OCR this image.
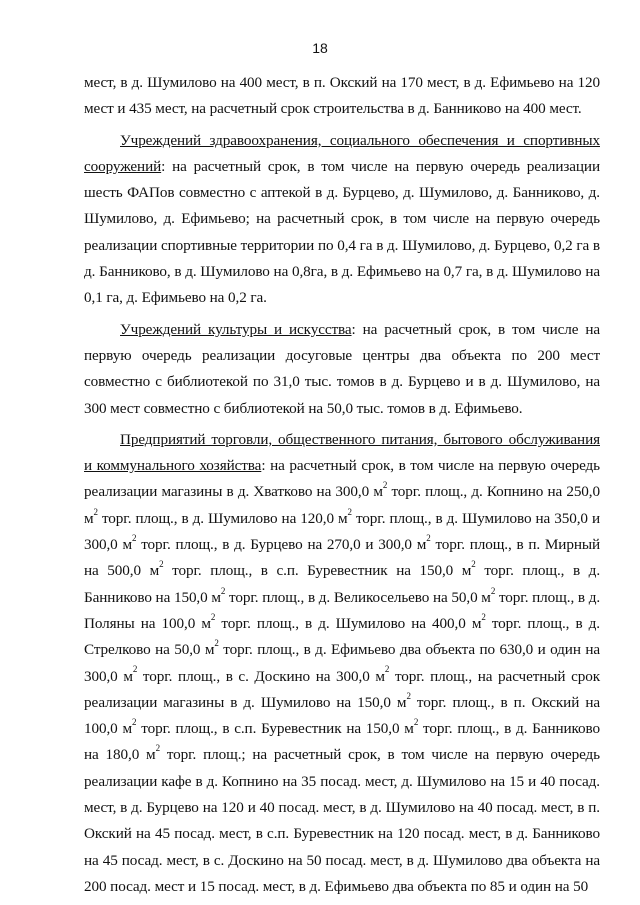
18

мест, в д. Шумилово на 400 мест, в п. Окский на 170 мест, в д. Ефимьево на 120 мест и 435 мест, на расчетный срок строительства в д. Банниково на 400 мест.

Учреждений здравоохранения, социального обеспечения и спортивных сооружений: на расчетный срок, в том числе на первую очередь реализации шесть ФАПов совместно с аптекой в д. Бурцево, д. Шумилово, д. Банниково, д. Шумилово, д. Ефимьево; на расчетный срок, в том числе на первую очередь реализации спортивные территории по 0,4 га в д. Шумилово, д. Бурцево, 0,2 га в д. Банниково, в д. Шумилово на 0,8га, в д. Ефимьево на 0,7 га, в д. Шумилово на 0,1 га, д. Ефимьево на 0,2 га.

Учреждений культуры и искусства: на расчетный срок, в том числе на первую очередь реализации досуговые центры два объекта по 200 мест совместно с библиотекой по 31,0 тыс. томов в д. Бурцево и в д. Шумилово, на 300 мест совместно с библиотекой на 50,0 тыс. томов в д. Ефимьево.

Предприятий торговли, общественного питания, бытового обслуживания и коммунального хозяйства: на расчетный срок, в том числе на первую очередь реализации магазины в д. Хватково на 300,0 $м^2$ торг. площ., д. Копнино на 250,0 $м^2$ торг. площ., в д. Шумилово на 120,0 $м^2$ торг. площ., в д. Шумилово на 350,0 и 300,0 $м^2$ торг. площ., в д. Бурцево на 270,0 и 300,0 $м^2$ торг. площ., в п. Мирный на 500,0 $м^2$ торг. площ., в с.п. Буревестник на 150,0 $м^2$ торг. площ., в д. Банниково на 150,0 $м^2$ торг. площ., в д. Великосельево на 50,0 $м^2$ торг. площ., в д. Поляны на 100,0 $м^2$ торг. площ., в д. Шумилово на 400,0 $м^2$ торг. площ., в д. Стрелково на 50,0 $м^2$ торг. площ., в д. Ефимьево два объекта по 630,0 и один на 300,0 $м^2$ торг. площ., в с. Доскино на 300,0 $м^2$ торг. площ., на расчетный срок реализации магазины в д. Шумилово на 150,0 $м^2$ торг. площ., в п. Окский на 100,0 $м^2$ торг. площ., в с.п. Буревестник на 150,0 $м^2$ торг. площ., в д. Банниково на 180,0 $м^2$ торг. площ.; на расчетный срок, в том числе на первую очередь реализации кафе в д. Копнино на 35 посад. мест, д. Шумилово на 15 и 40 посад. мест, в д. Бурцево на 120 и 40 посад. мест, в д. Шумилово на 40 посад. мест, в п. Окский на 45 посад. мест, в с.п. Буревестник на 120 посад. мест, в д. Банниково на 45 посад. мест, в с. Доскино на 50 посад. мест, в д. Шумилово два объекта на 200 посад. мест и 15 посад. мест, в д. Ефимьево два объекта по 85 и один на 50
